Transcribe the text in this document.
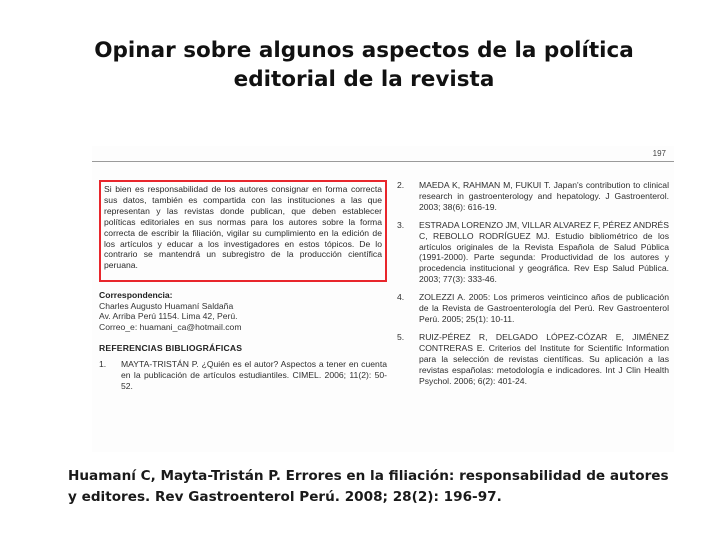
Opinar sobre algunos aspectos de la política
editorial de la revista
197
Si bien es responsabilidad de los autores consignar en forma correcta sus datos, también es compartida con las instituciones a las que representan y las revistas donde publican, que deben establecer políticas editoriales en sus normas para los autores sobre la forma correcta de escribir la filiación, vigilar su cumplimiento en la edición de los artículos y educar a los investigadores en estos tópicos. De lo contrario se mantendrá un subregistro de la producción científica peruana.
Correspondencia:
Charles Augusto Huamaní Saldaña
Av. Arriba Perú 1154. Lima 42, Perú.
Correo_e: huamani_ca@hotmail.com
REFERENCIAS BIBLIOGRÁFICAS
1.	MAYTA-TRISTÁN P. ¿Quién es el autor? Aspectos a tener en cuenta en la publicación de artículos estudiantiles. CIMEL. 2006; 11(2): 50-52.
2.	MAEDA K, RAHMAN M, FUKUI T. Japan's contribution to clinical research in gastroenterology and hepatology. J Gastroenterol. 2003; 38(6): 616-19.
3.	ESTRADA LORENZO JM, VILLAR ALVAREZ F, PÉREZ ANDRÉS C, REBOLLO RODRÍGUEZ MJ. Estudio bibliométrico de los artículos originales de la Revista Española de Salud Pública (1991-2000). Parte segunda: Productividad de los autores y procedencia institucional y geográfica. Rev Esp Salud Pública. 2003; 77(3): 333-46.
4.	ZOLEZZI A. 2005: Los primeros veinticinco años de publicación de la Revista de Gastroenterología del Perú. Rev Gastroenterol Perú. 2005; 25(1): 10-11.
5.	RUIZ-PÉREZ R, DELGADO LÓPEZ-CÓZAR E, JIMÉNEZ CONTRERAS E. Criterios del Institute for Scientific Information para la selección de revistas científicas. Su aplicación a las revistas españolas: metodología e indicadores. Int J Clin Health Psychol. 2006; 6(2): 401-24.
Huamaní C, Mayta-Tristán P. Errores en la filiación: responsabilidad de autores y editores. Rev Gastroenterol Perú. 2008; 28(2): 196-97.
